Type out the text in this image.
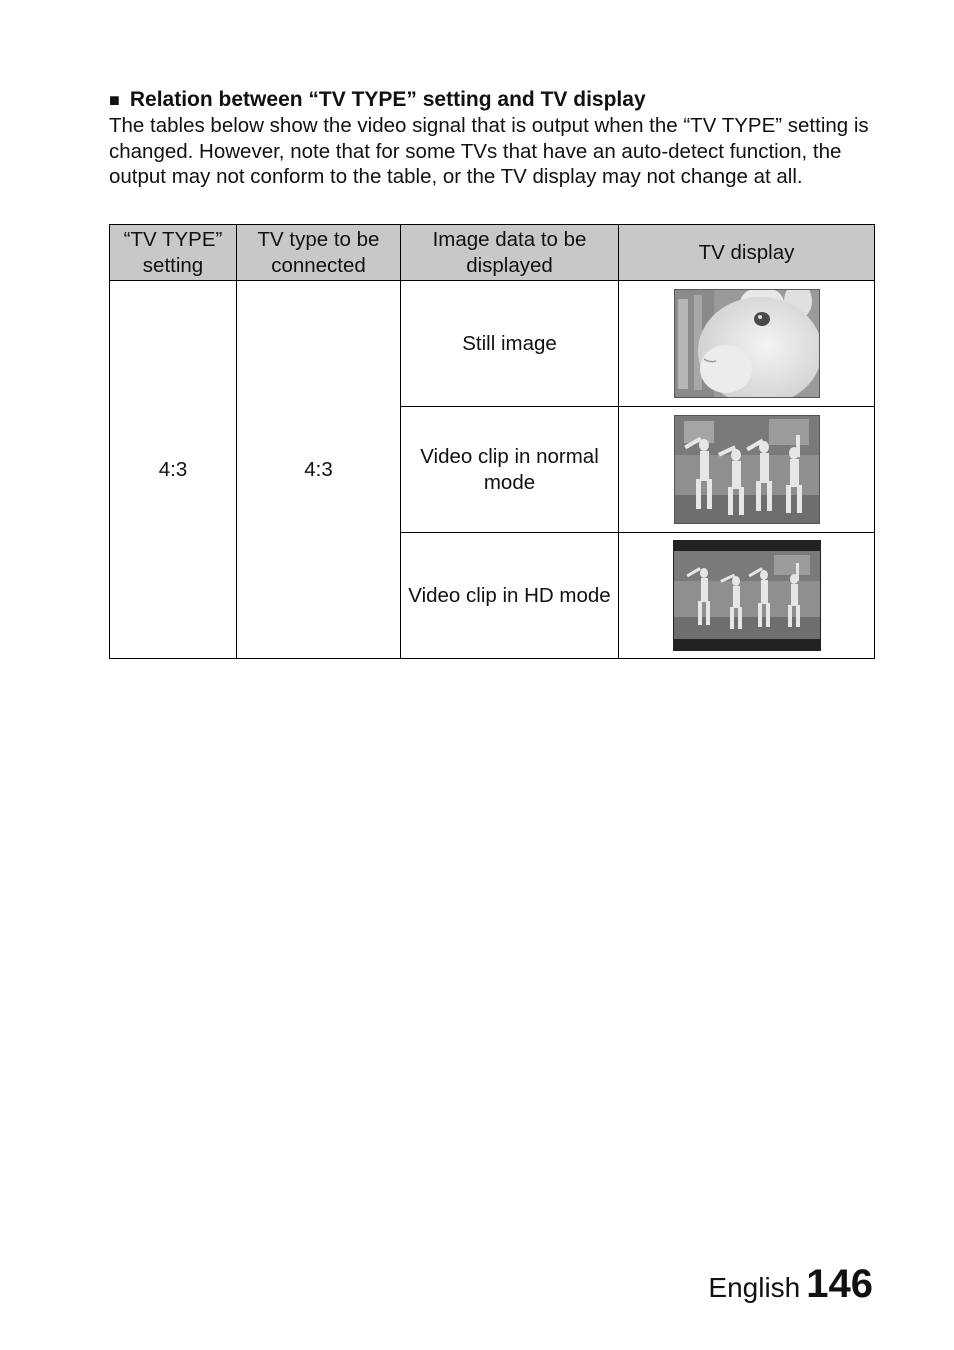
■ Relation between “TV TYPE” setting and TV display
The tables below show the video signal that is output when the “TV TYPE” setting is changed. However, note that for some TVs that have an auto-detect function, the output may not conform to the table, or the TV display may not change at all.
“TV TYPE” setting	TV type to be connected	Image data to be displayed	TV display
4:3	4:3	Still image	

		Video clip in normal mode	

		Video clip in HD mode	
English 146
